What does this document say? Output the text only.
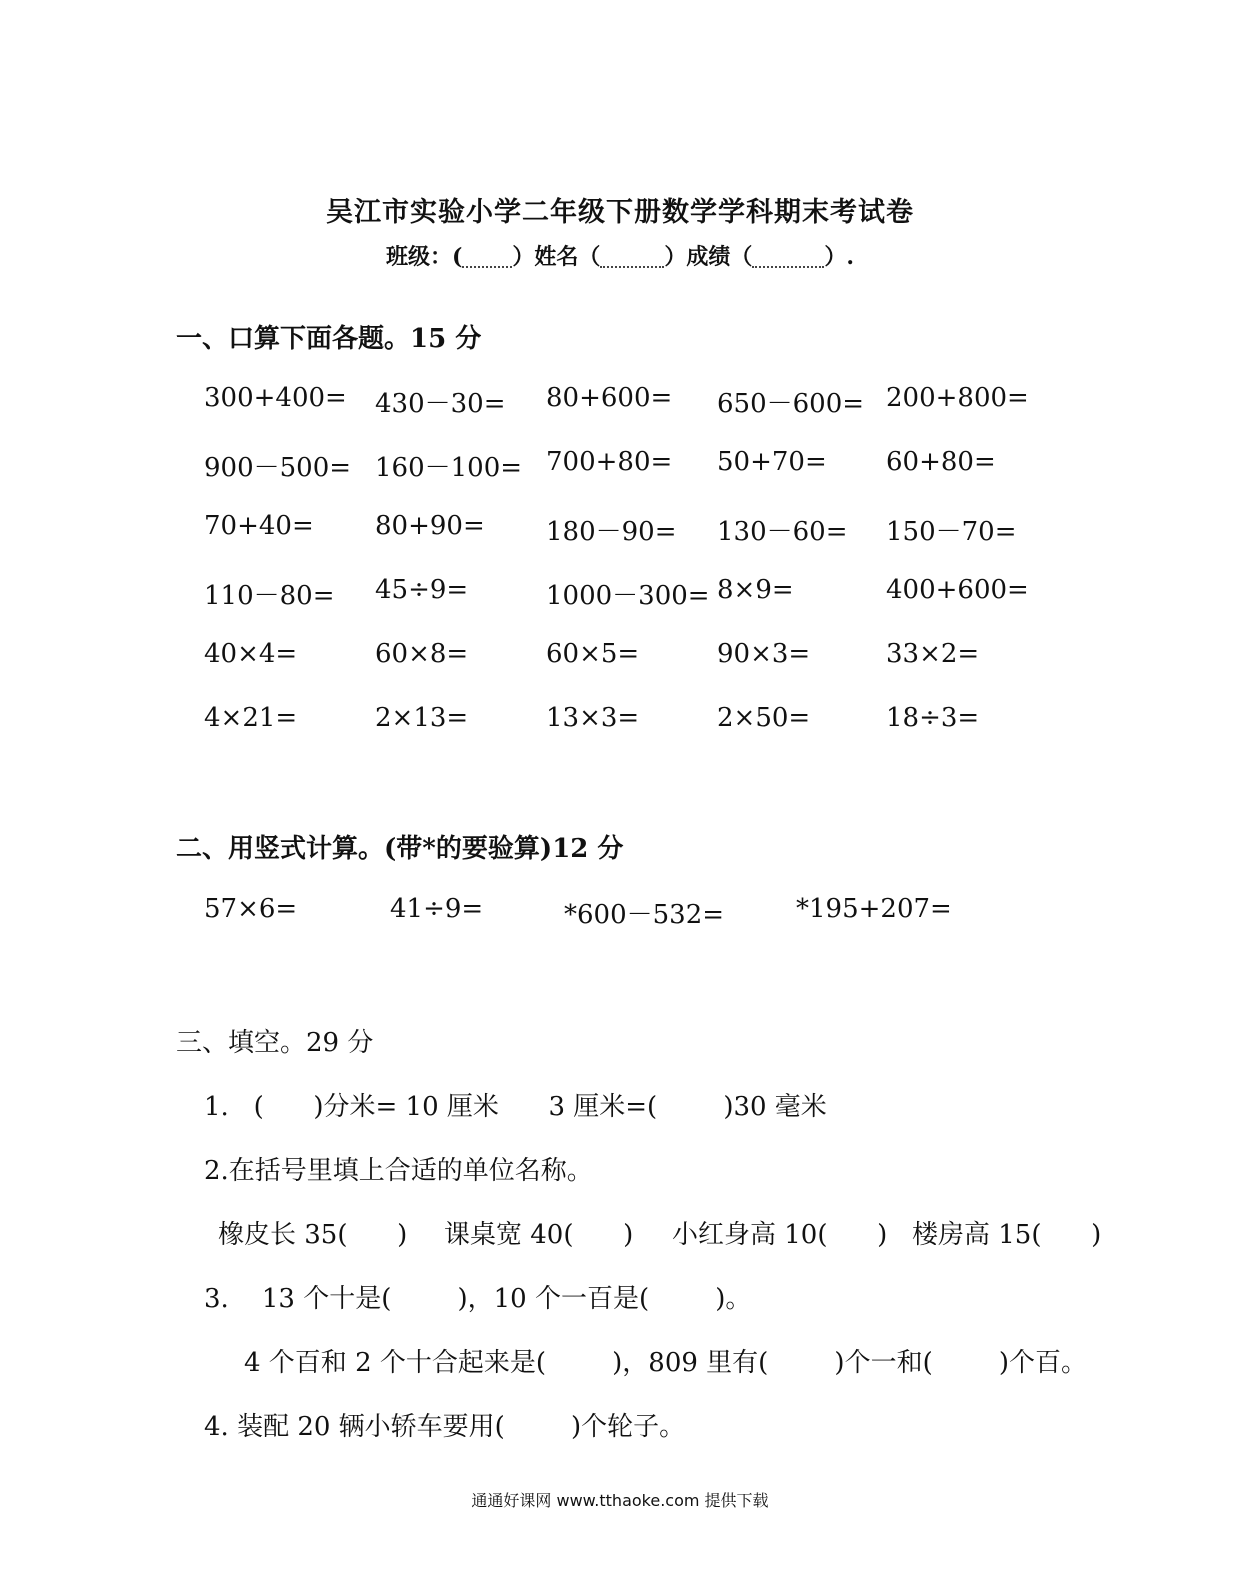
吴江市实验小学二年级下册数学学科期末考试卷
班级：( ）姓名（	）成绩（	）.
一、口算下面各题。15 分
300+400= 430－30= 80+600= 650－600= 200+800=
900－500= 160－100= 700+80= 50+70= 60+80=
70+40= 80+90= 180－90= 130－60= 150－70=
110－80= 45÷9=	1000－300= 8×9=	400+600=
40×4=	60×8=	60×5=	90×3=	33×2=
4×21=	2×13=	13×3=	2×50=	18÷3=
二、用竖式计算。(带*的要验算)12 分
57×6=	41÷9=	*600－532=	*195+207=
三、填空。29 分
1.   (      )分米= 10 厘米      3 厘米=(        )30 毫米
2.在括号里填上合适的单位名称。
橡皮长 35(      ) 课桌宽 40(      ) 小红身高 10(      ) 楼房高 15(      )
3.    13 个十是(        )，10 个一百是(        )。
4 个百和 2 个十合起来是(        )，809 里有(        )个一和(        )个百。
4. 装配 20 辆小轿车要用(        )个轮子。
通通好课网 www.tthaoke.com 提供下载
